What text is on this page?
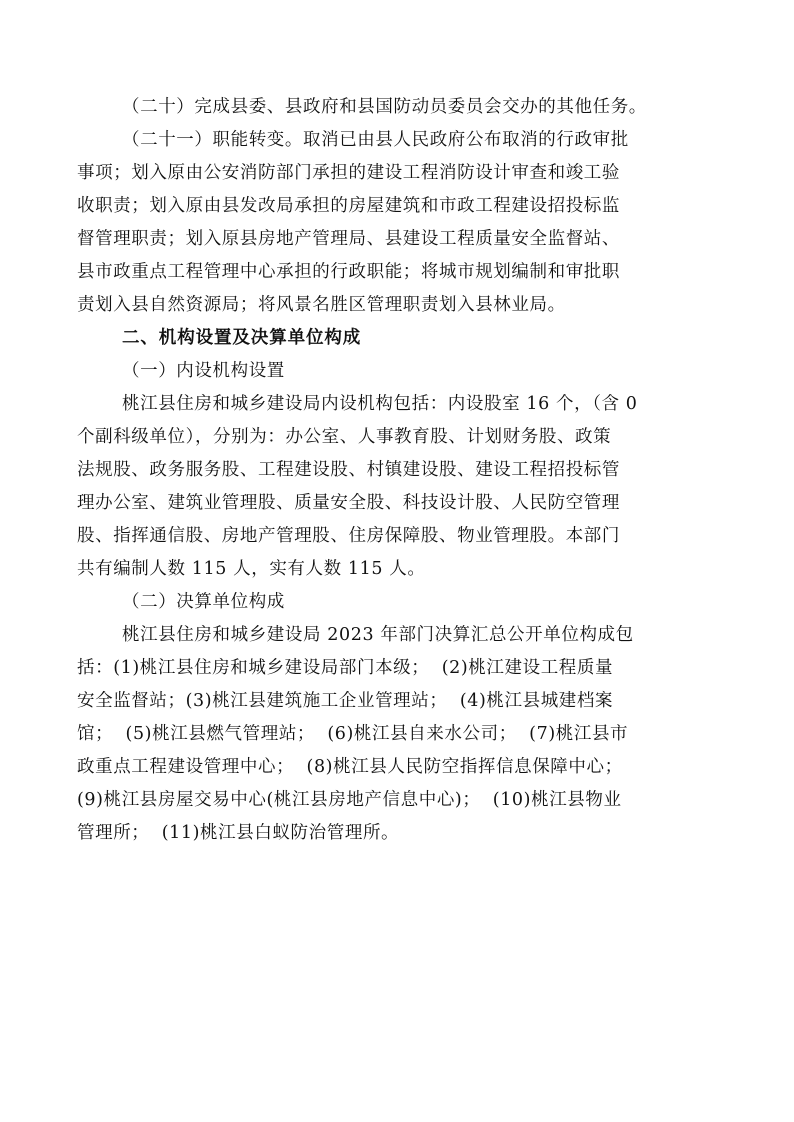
（二十）完成县委、县政府和县国防动员委员会交办的其他任务。
（二十一）职能转变。取消已由县人民政府公布取消的行政审批
事项；划入原由公安消防部门承担的建设工程消防设计审查和竣工验
收职责；划入原由县发改局承担的房屋建筑和市政工程建设招投标监
督管理职责；划入原县房地产管理局、县建设工程质量安全监督站、
县市政重点工程管理中心承担的行政职能；将城市规划编制和审批职
责划入县自然资源局；将风景名胜区管理职责划入县林业局。
二、机构设置及决算单位构成
（一）内设机构设置
桃江县住房和城乡建设局内设机构包括：内设股室 16 个，（含 0
个副科级单位），分别为：办公室、人事教育股、计划财务股、政策
法规股、政务服务股、工程建设股、村镇建设股、建设工程招投标管
理办公室、建筑业管理股、质量安全股、科技设计股、人民防空管理
股、指挥通信股、房地产管理股、住房保障股、物业管理股。本部门
共有编制人数 115 人，实有人数 115 人。
（二）决算单位构成
桃江县住房和城乡建设局 2023 年部门决算汇总公开单位构成包
括：(1)桃江县住房和城乡建设局部门本级；  (2)桃江建设工程质量
安全监督站；(3)桃江县建筑施工企业管理站；  (4)桃江县城建档案
馆；  (5)桃江县燃气管理站；  (6)桃江县自来水公司；  (7)桃江县市
政重点工程建设管理中心；  (8)桃江县人民防空指挥信息保障中心；
(9)桃江县房屋交易中心(桃江县房地产信息中心)；  (10)桃江县物业
管理所；  (11)桃江县白蚁防治管理所。
